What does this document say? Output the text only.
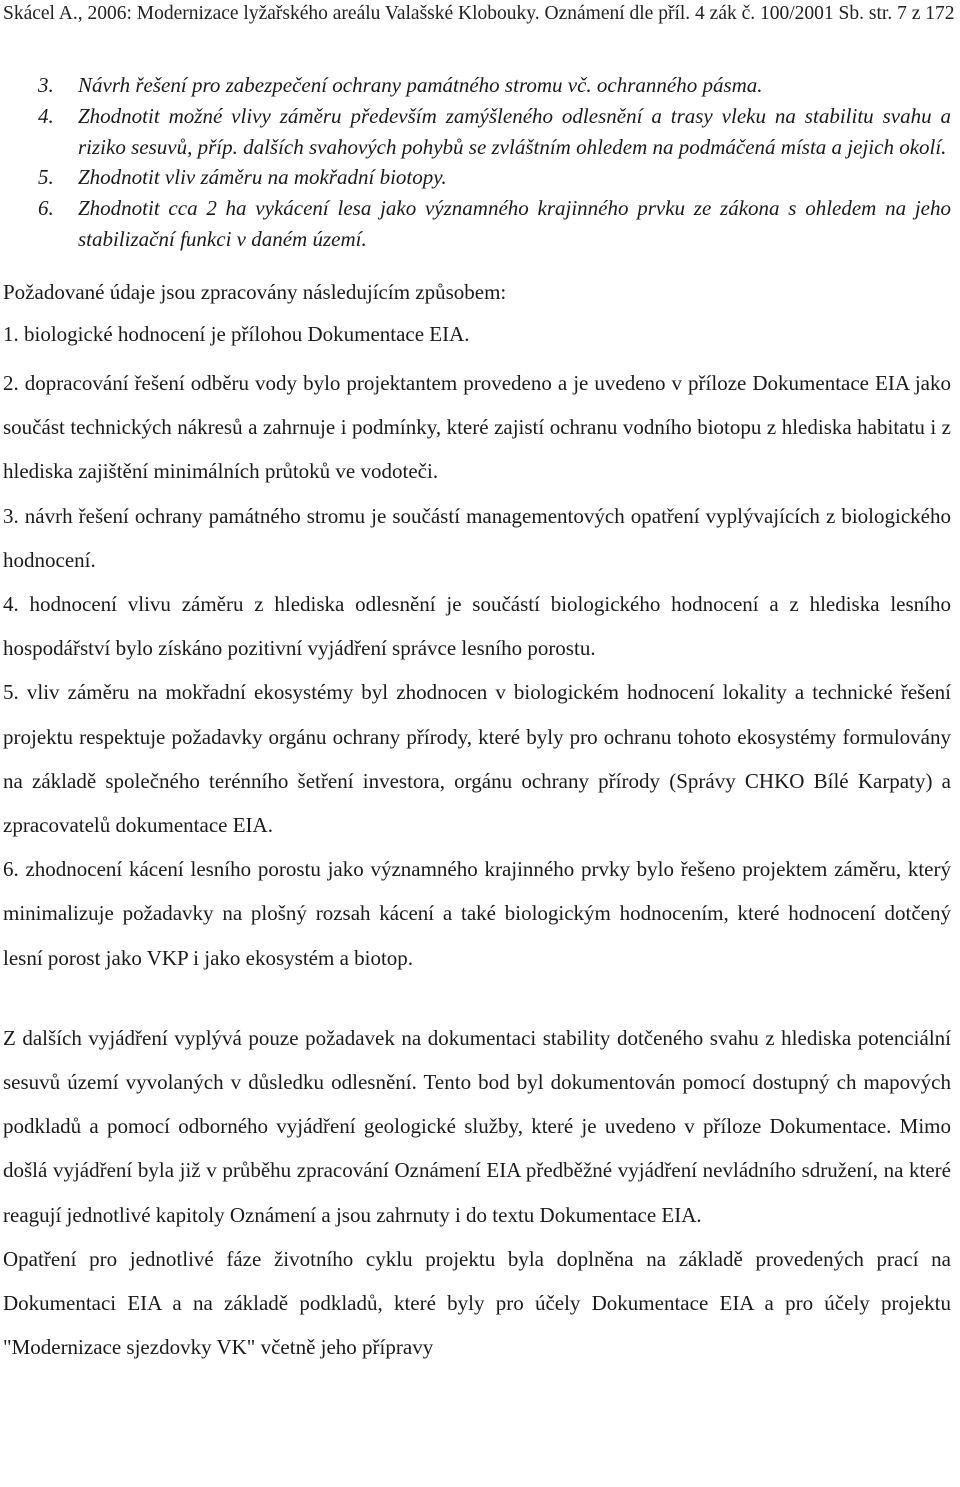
Skácel A., 2006: Modernizace lyžařského areálu Valašské Klobouky. Oznámení dle příl. 4 zák č. 100/2001 Sb. str. 7 z 172
3. Návrh řešení pro zabezpečení ochrany památného stromu vč. ochranného pásma.
4. Zhodnotit možné vlivy záměru především zamýšleného odlesnění a trasy vleku na stabilitu svahu a riziko sesuvů, příp. dalších svahových pohybů se zvláštním ohledem na podmáčená místa a jejich okolí.
5. Zhodnotit vliv záměru na mokřadní biotopy.
6. Zhodnotit cca 2 ha vykácení lesa jako významného krajinného prvku ze zákona s ohledem na jeho stabilizační funkci v daném území.

Požadované údaje jsou zpracovány následujícím způsobem:

1. biologické hodnocení je přílohou Dokumentace EIA.

2. dopracování řešení odběru vody bylo projektantem provedeno a je uvedeno v příloze Dokumentace EIA jako součást technických nákresů a zahrnuje i podmínky, které zajistí ochranu vodního biotopu z hlediska habitatu i z hlediska zajištění minimálních průtoků ve vodoteči.

3. návrh řešení ochrany památného stromu je součástí managementových opatření vyplývajících z biologického hodnocení.

4. hodnocení vlivu záměru z hlediska odlesnění je součástí biologického hodnocení a z hlediska lesního hospodářství bylo získáno pozitivní vyjádření správce lesního porostu.

5. vliv záměru na mokřadní ekosystémy byl zhodnocen v biologickém hodnocení lokality a technické řešení projektu respektuje požadavky orgánu ochrany přírody, které byly pro ochranu tohoto ekosystémy formulovány na základě společného terénního šetření investora, orgánu ochrany přírody (Správy CHKO Bílé Karpaty) a zpracovatelů dokumentace EIA.

6. zhodnocení kácení lesního porostu jako významného krajinného prvky bylo řešeno projektem záměru, který minimalizuje požadavky na plošný rozsah kácení a také biologickým hodnocením, které hodnocení dotčený lesní porost jako VKP i jako ekosystém a biotop.

Z dalších vyjádření vyplývá pouze požadavek na dokumentaci stability dotčeného svahu z hlediska potenciální sesuvů území vyvolaných v důsledku odlesnění. Tento bod byl dokumentován pomocí dostupný ch mapových podkladů a pomocí odborného vyjádření geologické služby, které je uvedeno v příloze Dokumentace. Mimo došlá vyjádření byla již v průběhu zpracování Oznámení EIA předběžné vyjádření nevládního sdružení, na které reagují jednotlivé kapitoly Oznámení a jsou zahrnuty i do textu Dokumentace EIA.

Opatření pro jednotlivé fáze životního cyklu projektu byla doplněna na základě provedených prací na Dokumentaci EIA a na základě podkladů, které byly pro účely Dokumentace EIA a pro účely projektu "Modernizace sjezdovky VK" včetně jeho přípravy
